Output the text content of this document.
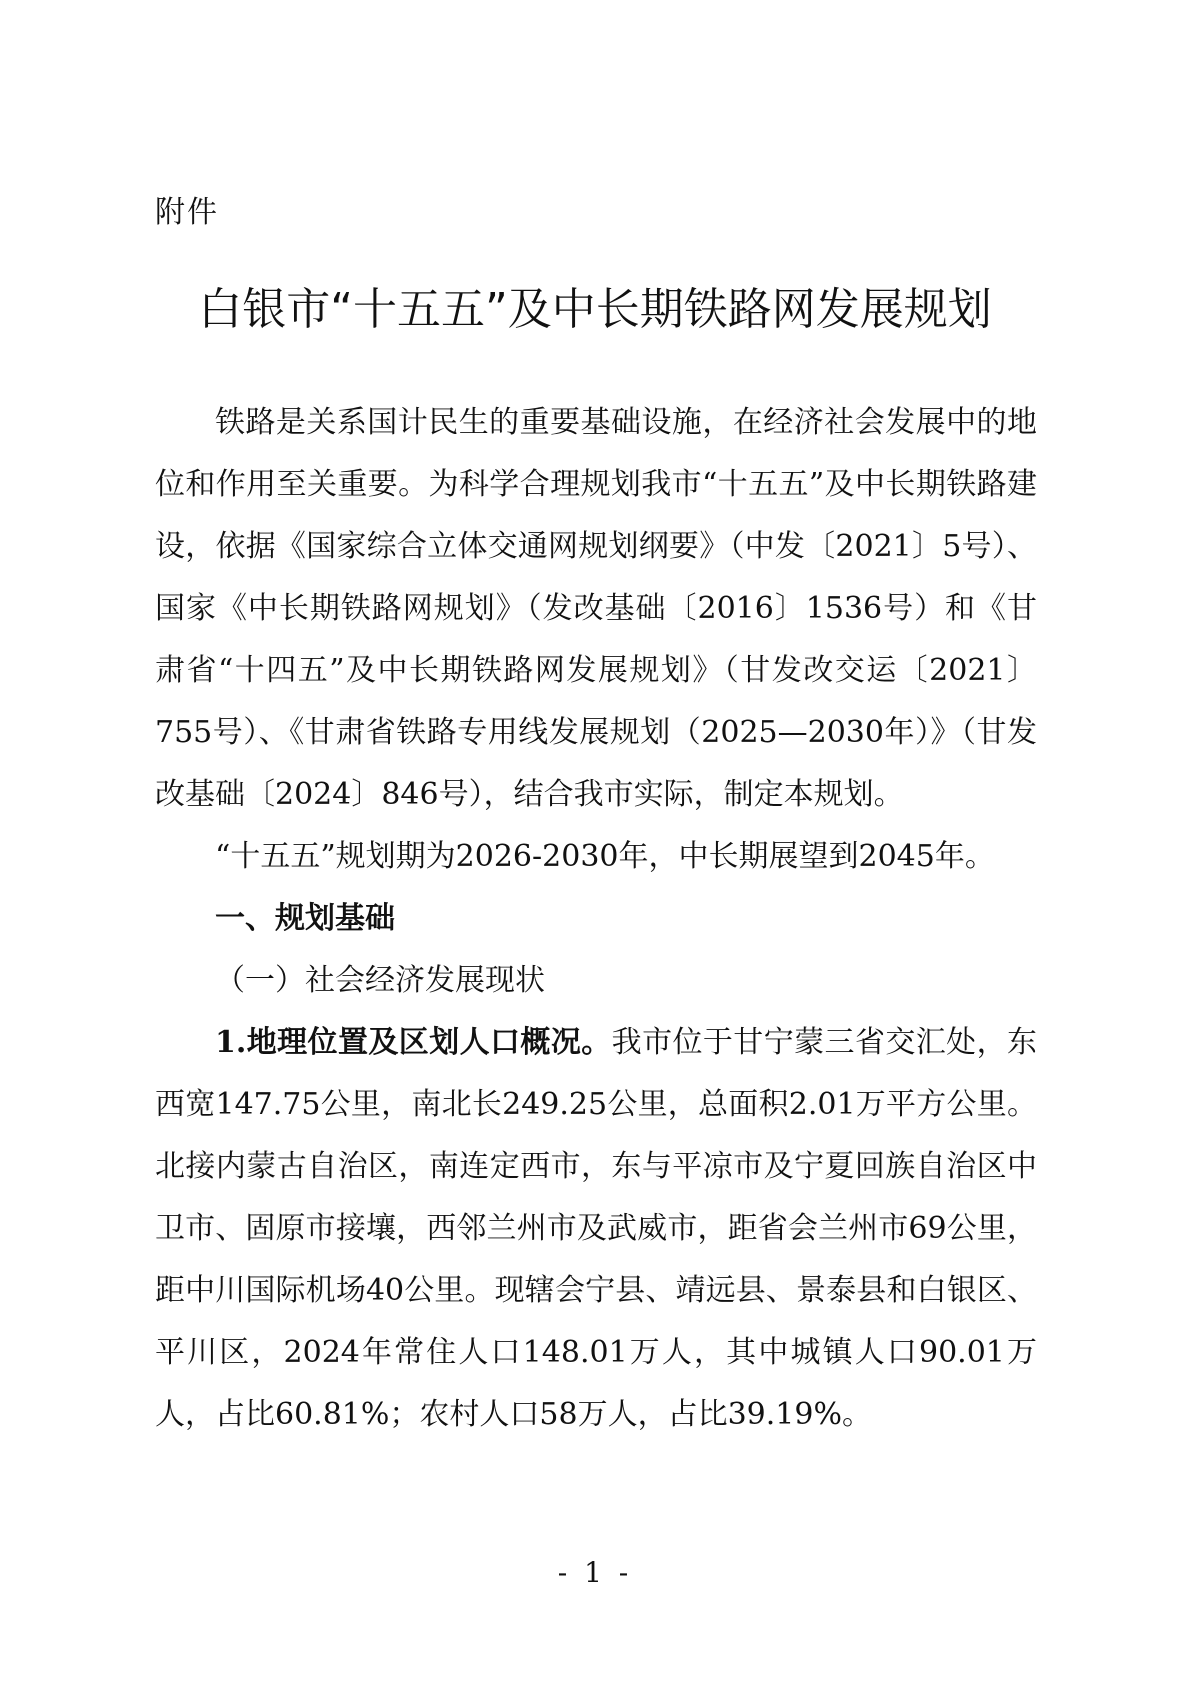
附件
白银市“十五五”及中长期铁路网发展规划

铁路是关系国计民生的重要基础设施，在经济社会发展中的地位和作用至关重要。为科学合理规划我市“十五五”及中长期铁路建设，依据《国家综合立体交通网规划纲要》（中发〔2021〕5号）、国家《中长期铁路网规划》（发改基础〔2016〕1536号）和《甘肃省“十四五”及中长期铁路网发展规划》（甘发改交运〔2021〕755号）、《甘肃省铁路专用线发展规划（2025—2030年）》（甘发改基础〔2024〕846号），结合我市实际，制定本规划。

“十五五”规划期为2026-2030年，中长期展望到2045年。

一、规划基础

（一）社会经济发展现状

1.地理位置及区划人口概况。我市位于甘宁蒙三省交汇处，东西宽147.75公里，南北长249.25公里，总面积2.01万平方公里。北接内蒙古自治区，南连定西市，东与平凉市及宁夏回族自治区中卫市、固原市接壤，西邻兰州市及武威市，距省会兰州市69公里，距中川国际机场40公里。现辖会宁县、靖远县、景泰县和白银区、平川区，2024年常住人口148.01万人，其中城镇人口90.01万人，占比60.81%；农村人口58万人，占比39.19%。

- 1 -
